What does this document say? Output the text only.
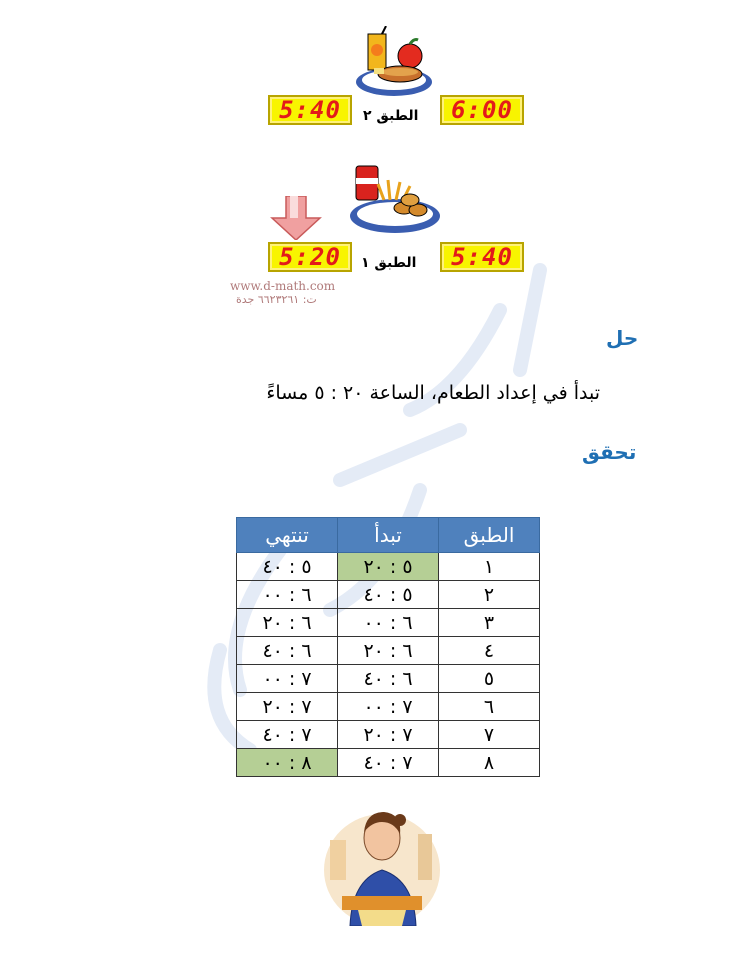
6:00
الطبق ٢
5:40
5:40
الطبق ١
5:20
www.d-math.com
ت: ٦٦٢٣٢٦١ جدة
حل
تبدأ في إعداد الطعام، الساعة ٢٠ : ٥ مساءً
تحقق
الطبق	تبدأ	تنتهي
١	٥ : ٢٠	٥ : ٤٠
٢	٥ : ٤٠	٦ : ٠٠
٣	٦ : ٠٠	٦ : ٢٠
٤	٦ : ٢٠	٦ : ٤٠
٥	٦ : ٤٠	٧ : ٠٠
٦	٧ : ٠٠	٧ : ٢٠
٧	٧ : ٢٠	٧ : ٤٠
٨	٧ : ٤٠	٨ : ٠٠
